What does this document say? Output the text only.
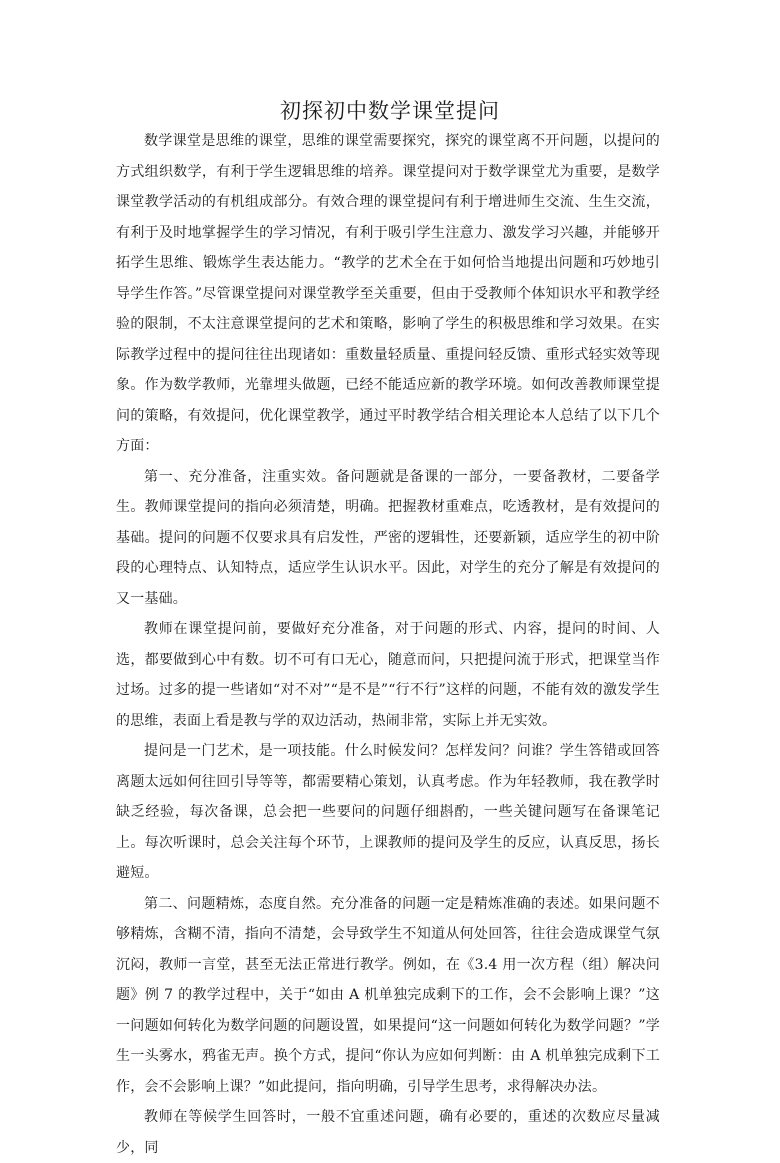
初探初中数学课堂提问

数学课堂是思维的课堂，思维的课堂需要探究，探究的课堂离不开问题，以提问的方式组织数学，有利于学生逻辑思维的培养。课堂提问对于数学课堂尤为重要，是数学课堂教学活动的有机组成部分。有效合理的课堂提问有利于增进师生交流、生生交流，有利于及时地掌握学生的学习情况，有利于吸引学生注意力、激发学习兴趣，并能够开拓学生思维、锻炼学生表达能力。“教学的艺术全在于如何恰当地提出问题和巧妙地引导学生作答。”尽管课堂提问对课堂教学至关重要，但由于受教师个体知识水平和教学经验的限制，不太注意课堂提问的艺术和策略，影响了学生的积极思维和学习效果。在实际教学过程中的提问往往出现诸如：重数量轻质量、重提问轻反馈、重形式轻实效等现象。作为数学教师，光靠埋头做题，已经不能适应新的教学环境。如何改善教师课堂提问的策略，有效提问，优化课堂教学，通过平时教学结合相关理论本人总结了以下几个方面：

第一、充分准备，注重实效。备问题就是备课的一部分，一要备教材，二要备学生。教师课堂提问的指向必须清楚，明确。把握教材重难点，吃透教材，是有效提问的基础。提问的问题不仅要求具有启发性，严密的逻辑性，还要新颖，适应学生的初中阶段的心理特点、认知特点，适应学生认识水平。因此，对学生的充分了解是有效提问的又一基础。

教师在课堂提问前，要做好充分准备，对于问题的形式、内容，提问的时间、人选，都要做到心中有数。切不可有口无心，随意而问，只把提问流于形式，把课堂当作过场。过多的提一些诸如“对不对”“是不是”“行不行”这样的问题，不能有效的激发学生的思维，表面上看是教与学的双边活动，热闹非常，实际上并无实效。

提问是一门艺术，是一项技能。什么时候发问？怎样发问？问谁？学生答错或回答离题太远如何往回引导等等，都需要精心策划，认真考虑。作为年轻教师，我在教学时缺乏经验，每次备课，总会把一些要问的问题仔细斟酌，一些关键问题写在备课笔记上。每次听课时，总会关注每个环节，上课教师的提问及学生的反应，认真反思，扬长避短。

第二、问题精炼，态度自然。充分准备的问题一定是精炼准确的表述。如果问题不够精炼，含糊不清，指向不清楚，会导致学生不知道从何处回答，往往会造成课堂气氛沉闷，教师一言堂，甚至无法正常进行教学。例如，在《3.4 用一次方程（组）解决问题》例 7 的教学过程中，关于“如由 A 机单独完成剩下的工作，会不会影响上课？”这一问题如何转化为数学问题的问题设置，如果提问“这一问题如何转化为数学问题？”学生一头雾水，鸦雀无声。换个方式，提问“你认为应如何判断：由 A 机单独完成剩下工作，会不会影响上课？”如此提问，指向明确，引导学生思考，求得解决办法。

教师在等候学生回答时，一般不宜重述问题，确有必要的，重述的次数应尽量减少，同
